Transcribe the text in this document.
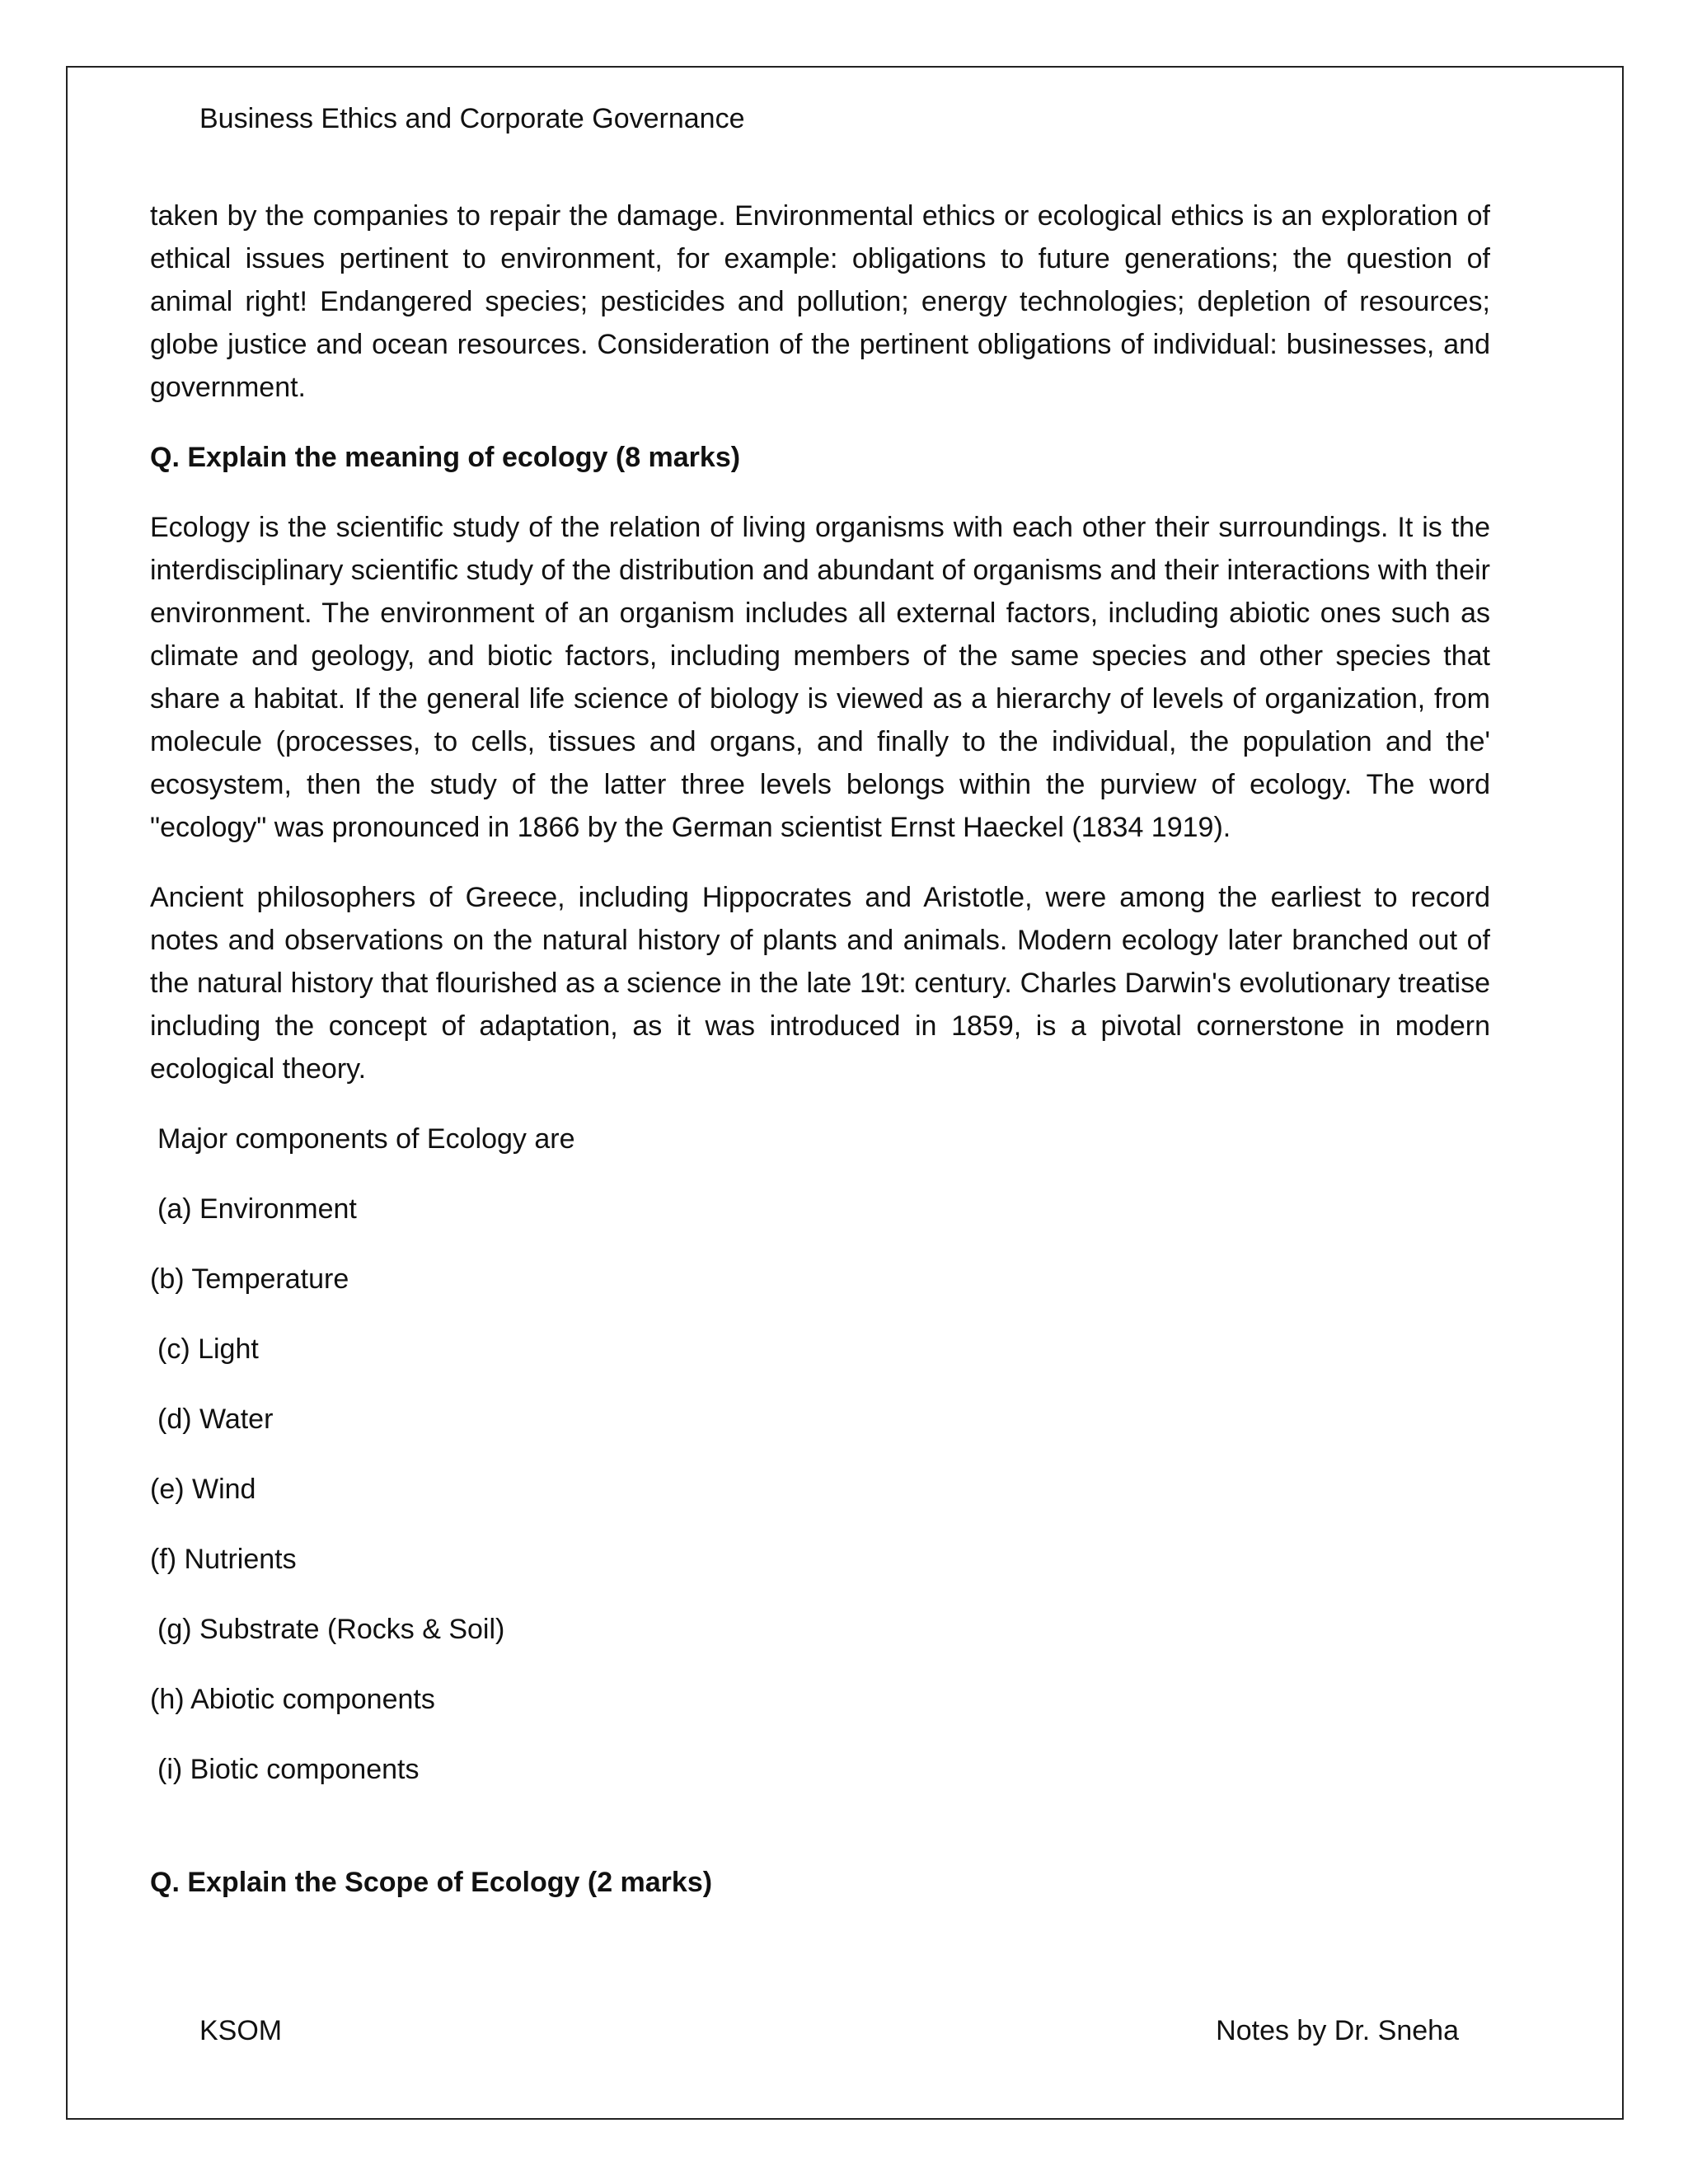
Business Ethics and Corporate Governance

taken by the companies to repair the damage. Environmental ethics or ecological ethics is an exploration of ethical issues pertinent to environment, for example: obligations to future generations; the question of animal right! Endangered species; pesticides and pollution; energy technologies; depletion of resources; globe justice and ocean resources. Consideration of the pertinent obligations of individual: businesses, and government.

Q. Explain the meaning of ecology (8 marks)

Ecology is the scientific study of the relation of living organisms with each other their surroundings. It is the interdisciplinary scientific study of the distribution and abundant of organisms and their interactions with their environment. The environment of an organism includes all external factors, including abiotic ones such as climate and geology, and biotic factors, including members of the same species and other species that share a habitat. If the general life science of biology is viewed as a hierarchy of levels of organization, from molecule (processes, to cells, tissues and organs, and finally to the individual, the population and the' ecosystem, then the study of the latter three levels belongs within the purview of ecology. The word "ecology" was pronounced in 1866 by the German scientist Ernst Haeckel (1834 1919).

Ancient philosophers of Greece, including Hippocrates and Aristotle, were among the earliest to record notes and observations on the natural history of plants and animals. Modern ecology later branched out of the natural history that flourished as a science in the late 19t: century. Charles Darwin's evolutionary treatise including the concept of adaptation, as it was introduced in 1859, is a pivotal cornerstone in modern ecological theory.

Major components of Ecology are

(a) Environment
(b) Temperature
(c) Light
(d) Water
(e) Wind
(f) Nutrients
(g) Substrate (Rocks & Soil)
(h) Abiotic components
(i) Biotic components

Q. Explain the Scope of Ecology (2 marks)

KSOM	Notes by Dr. Sneha
